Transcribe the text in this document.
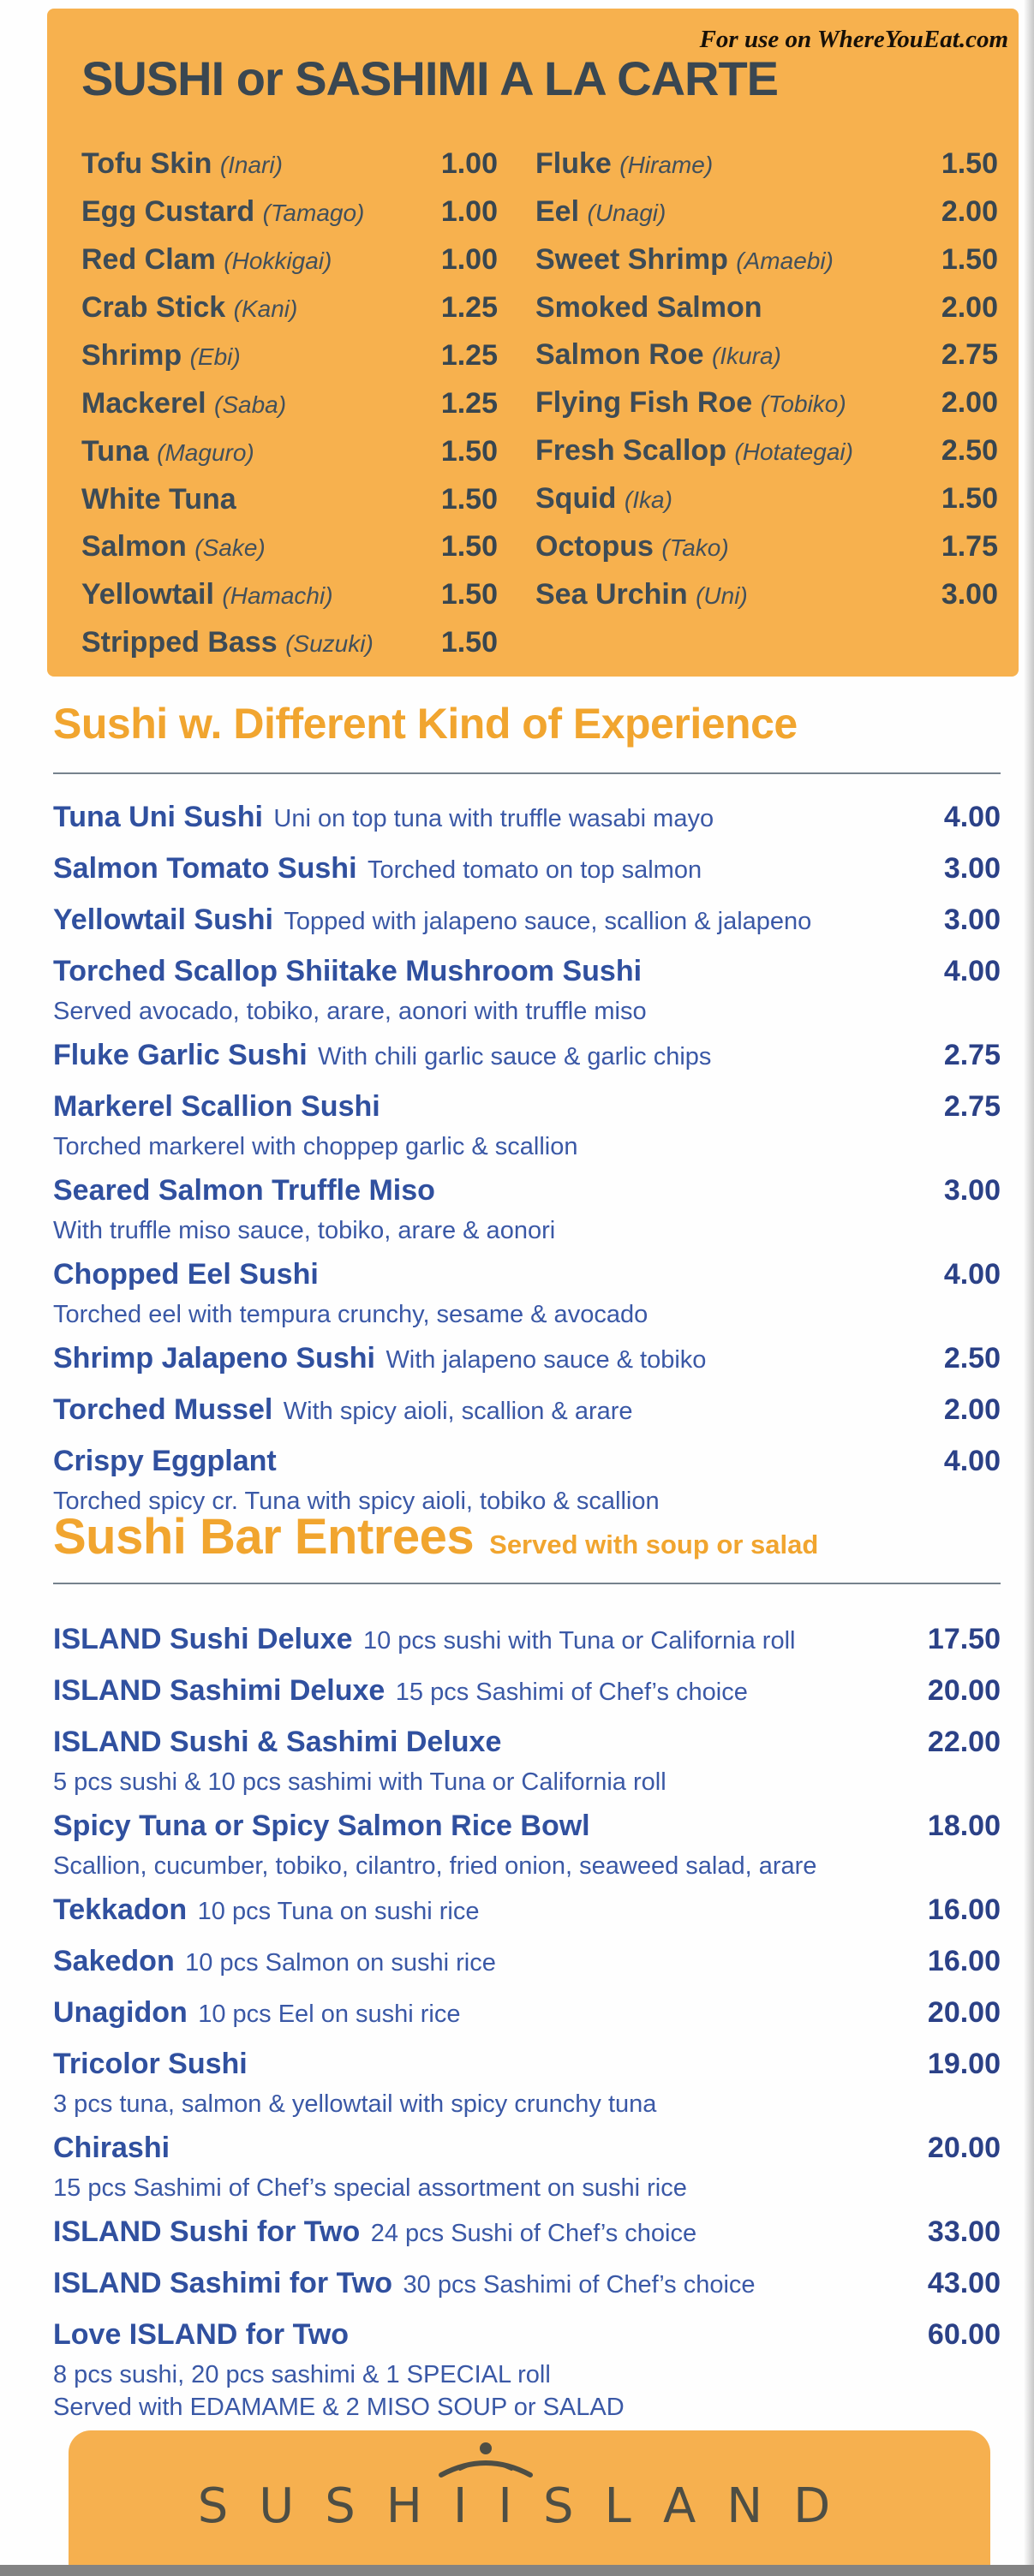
For use on WhereYouEat.com
SUSHI or SASHIMI A LA CARTE
Tofu Skin (Inari)	1.00
Egg Custard (Tamago)	1.00
Red Clam (Hokkigai)	1.00
Crab Stick (Kani)	1.25
Shrimp (Ebi)	1.25
Mackerel (Saba)	1.25
Tuna (Maguro)	1.50
White Tuna	1.50
Salmon (Sake)	1.50
Yellowtail (Hamachi)	1.50
Stripped Bass (Suzuki)	1.50
Fluke (Hirame)	1.50
Eel (Unagi)	2.00
Sweet Shrimp (Amaebi)	1.50
Smoked Salmon	2.00
Salmon Roe (Ikura)	2.75
Flying Fish Roe (Tobiko)	2.00
Fresh Scallop (Hotategai)	2.50
Squid (Ika)	1.50
Octopus (Tako)	1.75
Sea Urchin (Uni)	3.00
Sushi w. Different Kind of Experience
Tuna Uni Sushi Uni on top tuna with truffle wasabi mayo	4.00
Salmon Tomato Sushi Torched tomato on top salmon	3.00
Yellowtail Sushi Topped with jalapeno sauce, scallion & jalapeno	3.00
Torched Scallop Shiitake Mushroom Sushi	4.00
Served avocado, tobiko, arare, aonori with truffle miso
Fluke Garlic Sushi With chili garlic sauce & garlic chips	2.75
Markerel Scallion Sushi	2.75
Torched markerel with choppep garlic & scallion
Seared Salmon Truffle Miso	3.00
With truffle miso sauce, tobiko, arare & aonori
Chopped Eel Sushi	4.00
Torched eel with tempura crunchy, sesame & avocado
Shrimp Jalapeno Sushi With jalapeno sauce & tobiko	2.50
Torched Mussel With spicy aioli, scallion & arare	2.00
Crispy Eggplant	4.00
Torched spicy cr. Tuna with spicy aioli, tobiko & scallion
Sushi Bar Entrees Served with soup or salad
ISLAND Sushi Deluxe 10 pcs sushi with Tuna or California roll	17.50
ISLAND Sashimi Deluxe 15 pcs Sashimi of Chef’s choice	20.00
ISLAND Sushi & Sashimi Deluxe	22.00
5 pcs sushi & 10 pcs sashimi with Tuna or California roll
Spicy Tuna or Spicy Salmon Rice Bowl	18.00
Scallion, cucumber, tobiko, cilantro, fried onion, seaweed salad, arare
Tekkadon 10 pcs Tuna on sushi rice	16.00
Sakedon 10 pcs Salmon on sushi rice	16.00
Unagidon 10 pcs Eel on sushi rice	20.00
Tricolor Sushi	19.00
3 pcs tuna, salmon & yellowtail with spicy crunchy tuna
Chirashi	20.00
15 pcs Sashimi of Chef’s special assortment on sushi rice
ISLAND Sushi for Two 24 pcs Sushi of Chef’s choice	33.00
ISLAND Sashimi for Two 30 pcs Sashimi of Chef’s choice	43.00
Love ISLAND for Two	60.00
8 pcs sushi, 20 pcs sashimi & 1 SPECIAL roll
Served with EDAMAME & 2 MISO SOUP or SALAD
SUSH II SLAND
